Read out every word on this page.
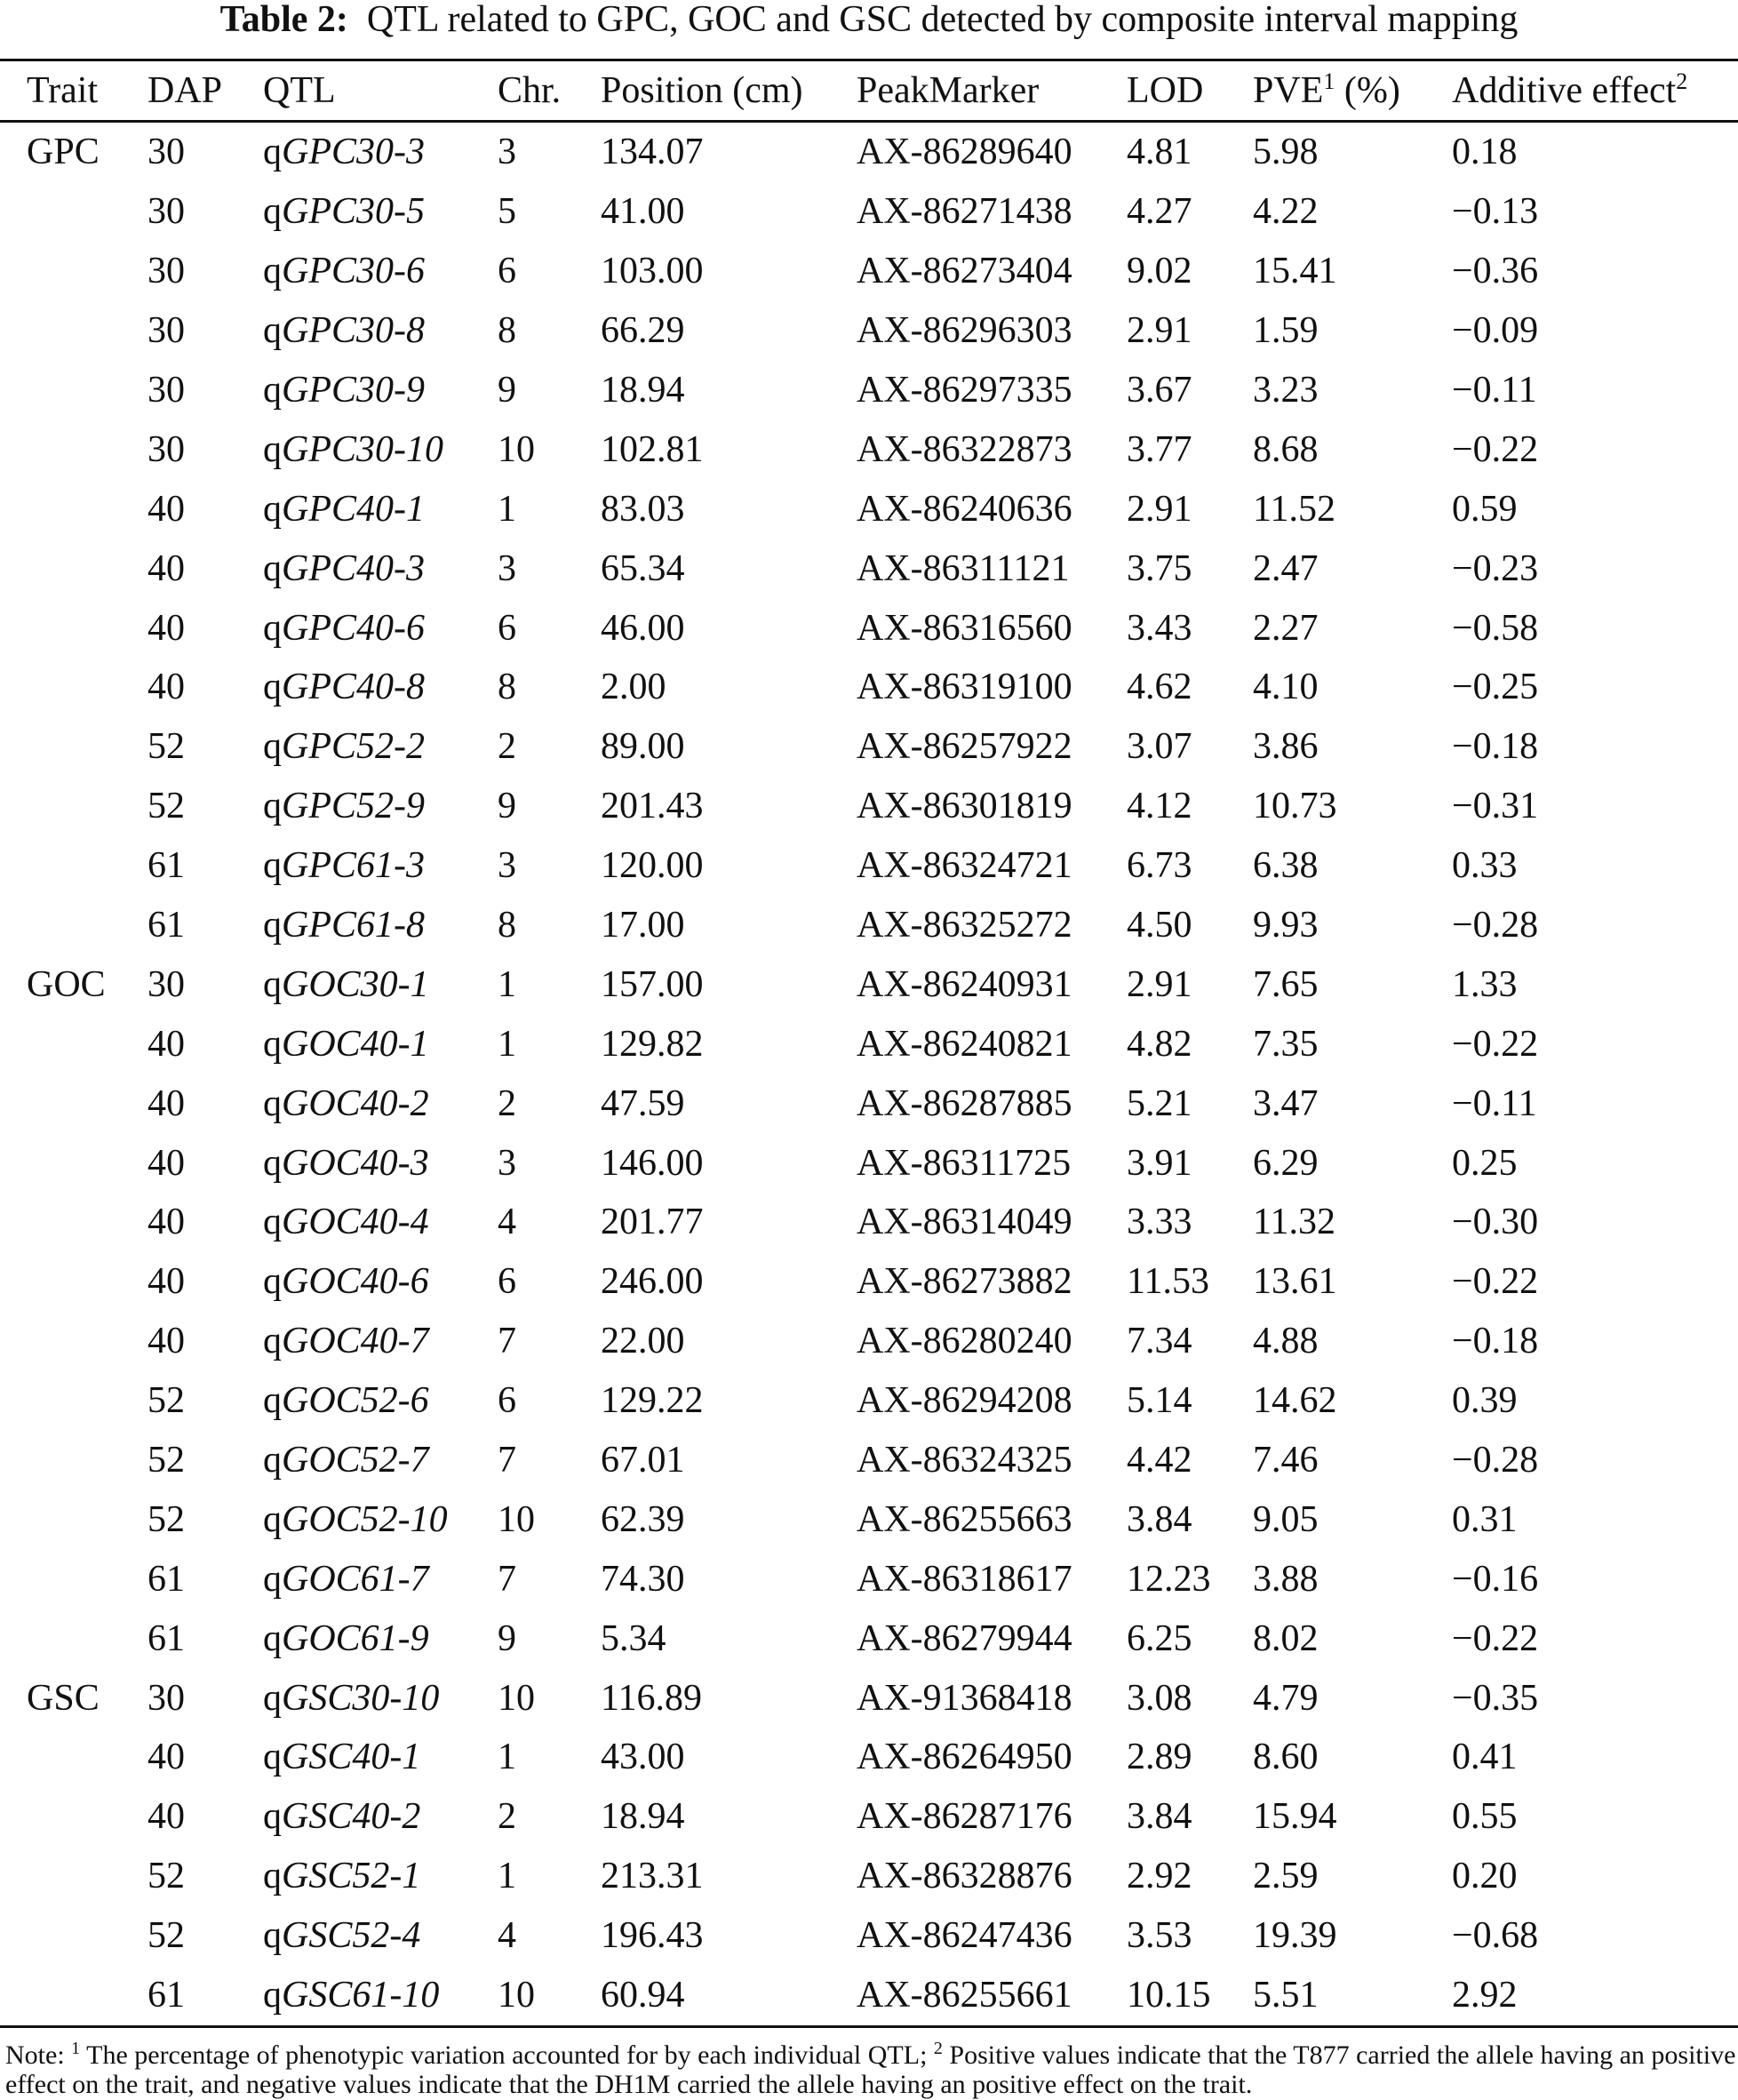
Table 2: QTL related to GPC, GOC and GSC detected by composite interval mapping
Trait	DAP	QTL	Chr.	Position (cm)	PeakMarker	LOD	PVE$^1$ (%)	Additive effect$^2$
GPC	30	qGPC30-3	3	134.07	AX-86289640	4.81	5.98	0.18
	30	qGPC30-5	5	41.00	AX-86271438	4.27	4.22	−0.13
	30	qGPC30-6	6	103.00	AX-86273404	9.02	15.41	−0.36
	30	qGPC30-8	8	66.29	AX-86296303	2.91	1.59	−0.09
	30	qGPC30-9	9	18.94	AX-86297335	3.67	3.23	−0.11
	30	qGPC30-10	10	102.81	AX-86322873	3.77	8.68	−0.22
	40	qGPC40-1	1	83.03	AX-86240636	2.91	11.52	0.59
	40	qGPC40-3	3	65.34	AX-86311121	3.75	2.47	−0.23
	40	qGPC40-6	6	46.00	AX-86316560	3.43	2.27	−0.58
	40	qGPC40-8	8	2.00	AX-86319100	4.62	4.10	−0.25
	52	qGPC52-2	2	89.00	AX-86257922	3.07	3.86	−0.18
	52	qGPC52-9	9	201.43	AX-86301819	4.12	10.73	−0.31
	61	qGPC61-3	3	120.00	AX-86324721	6.73	6.38	0.33
	61	qGPC61-8	8	17.00	AX-86325272	4.50	9.93	−0.28
GOC	30	qGOC30-1	1	157.00	AX-86240931	2.91	7.65	1.33
	40	qGOC40-1	1	129.82	AX-86240821	4.82	7.35	−0.22
	40	qGOC40-2	2	47.59	AX-86287885	5.21	3.47	−0.11
	40	qGOC40-3	3	146.00	AX-86311725	3.91	6.29	0.25
	40	qGOC40-4	4	201.77	AX-86314049	3.33	11.32	−0.30
	40	qGOC40-6	6	246.00	AX-86273882	11.53	13.61	−0.22
	40	qGOC40-7	7	22.00	AX-86280240	7.34	4.88	−0.18
	52	qGOC52-6	6	129.22	AX-86294208	5.14	14.62	0.39
	52	qGOC52-7	7	67.01	AX-86324325	4.42	7.46	−0.28
	52	qGOC52-10	10	62.39	AX-86255663	3.84	9.05	0.31
	61	qGOC61-7	7	74.30	AX-86318617	12.23	3.88	−0.16
	61	qGOC61-9	9	5.34	AX-86279944	6.25	8.02	−0.22
GSC	30	qGSC30-10	10	116.89	AX-91368418	3.08	4.79	−0.35
	40	qGSC40-1	1	43.00	AX-86264950	2.89	8.60	0.41
	40	qGSC40-2	2	18.94	AX-86287176	3.84	15.94	0.55
	52	qGSC52-1	1	213.31	AX-86328876	2.92	2.59	0.20
	52	qGSC52-4	4	196.43	AX-86247436	3.53	19.39	−0.68
	61	qGSC61-10	10	60.94	AX-86255661	10.15	5.51	2.92
Note: $^1$ The percentage of phenotypic variation accounted for by each individual QTL; $^2$ Positive values indicate that the T877 carried the allele having an positive effect on the trait, and negative values indicate that the DH1M carried the allele having an positive effect on the trait.
